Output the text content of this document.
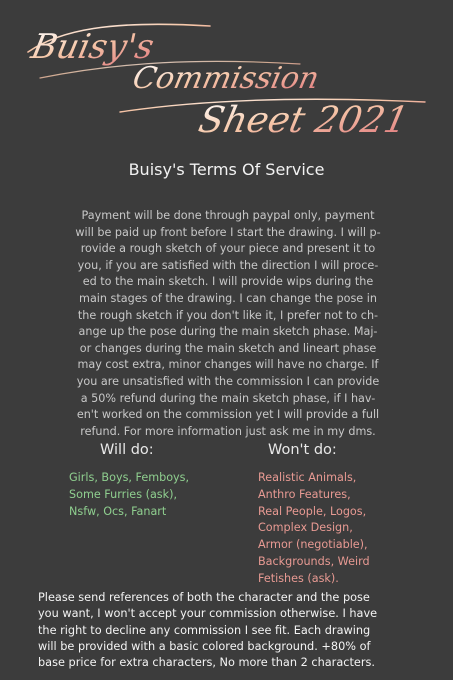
Buisy's
Commission
Sheet 2021
Buisy's Terms Of Service
Payment will be done through paypal only, payment
will be paid up front before I start the drawing. I will p-
rovide a rough sketch of your piece and present it to
you, if you are satisfied with the direction I will proce-
ed to the main sketch. I will provide wips during the
main stages of the drawing. I can change the pose in
the rough sketch if you don't like it, I prefer not to ch-
ange up the pose during the main sketch phase. Maj-
or changes during the main sketch and lineart phase
may cost extra, minor changes will have no charge. If
you are unsatisfied with the commission I can provide
a 50% refund during the main sketch phase, if I hav-
en't worked on the commission yet I will provide a full
refund. For more information just ask me in my dms.
Will do:	Won't do:
Girls, Boys, Femboys,
Some Furries (ask),
Nsfw, Ocs, Fanart
Realistic Animals,
Anthro Features,
Real People, Logos,
Complex Design,
Armor (negotiable),
Backgrounds, Weird
Fetishes (ask).
Please send references of both the character and the pose
you want, I won't accept your commission otherwise. I have
the right to decline any commission I see fit. Each drawing
will be provided with a basic colored background. +80% of
base price for extra characters, No more than 2 characters.
